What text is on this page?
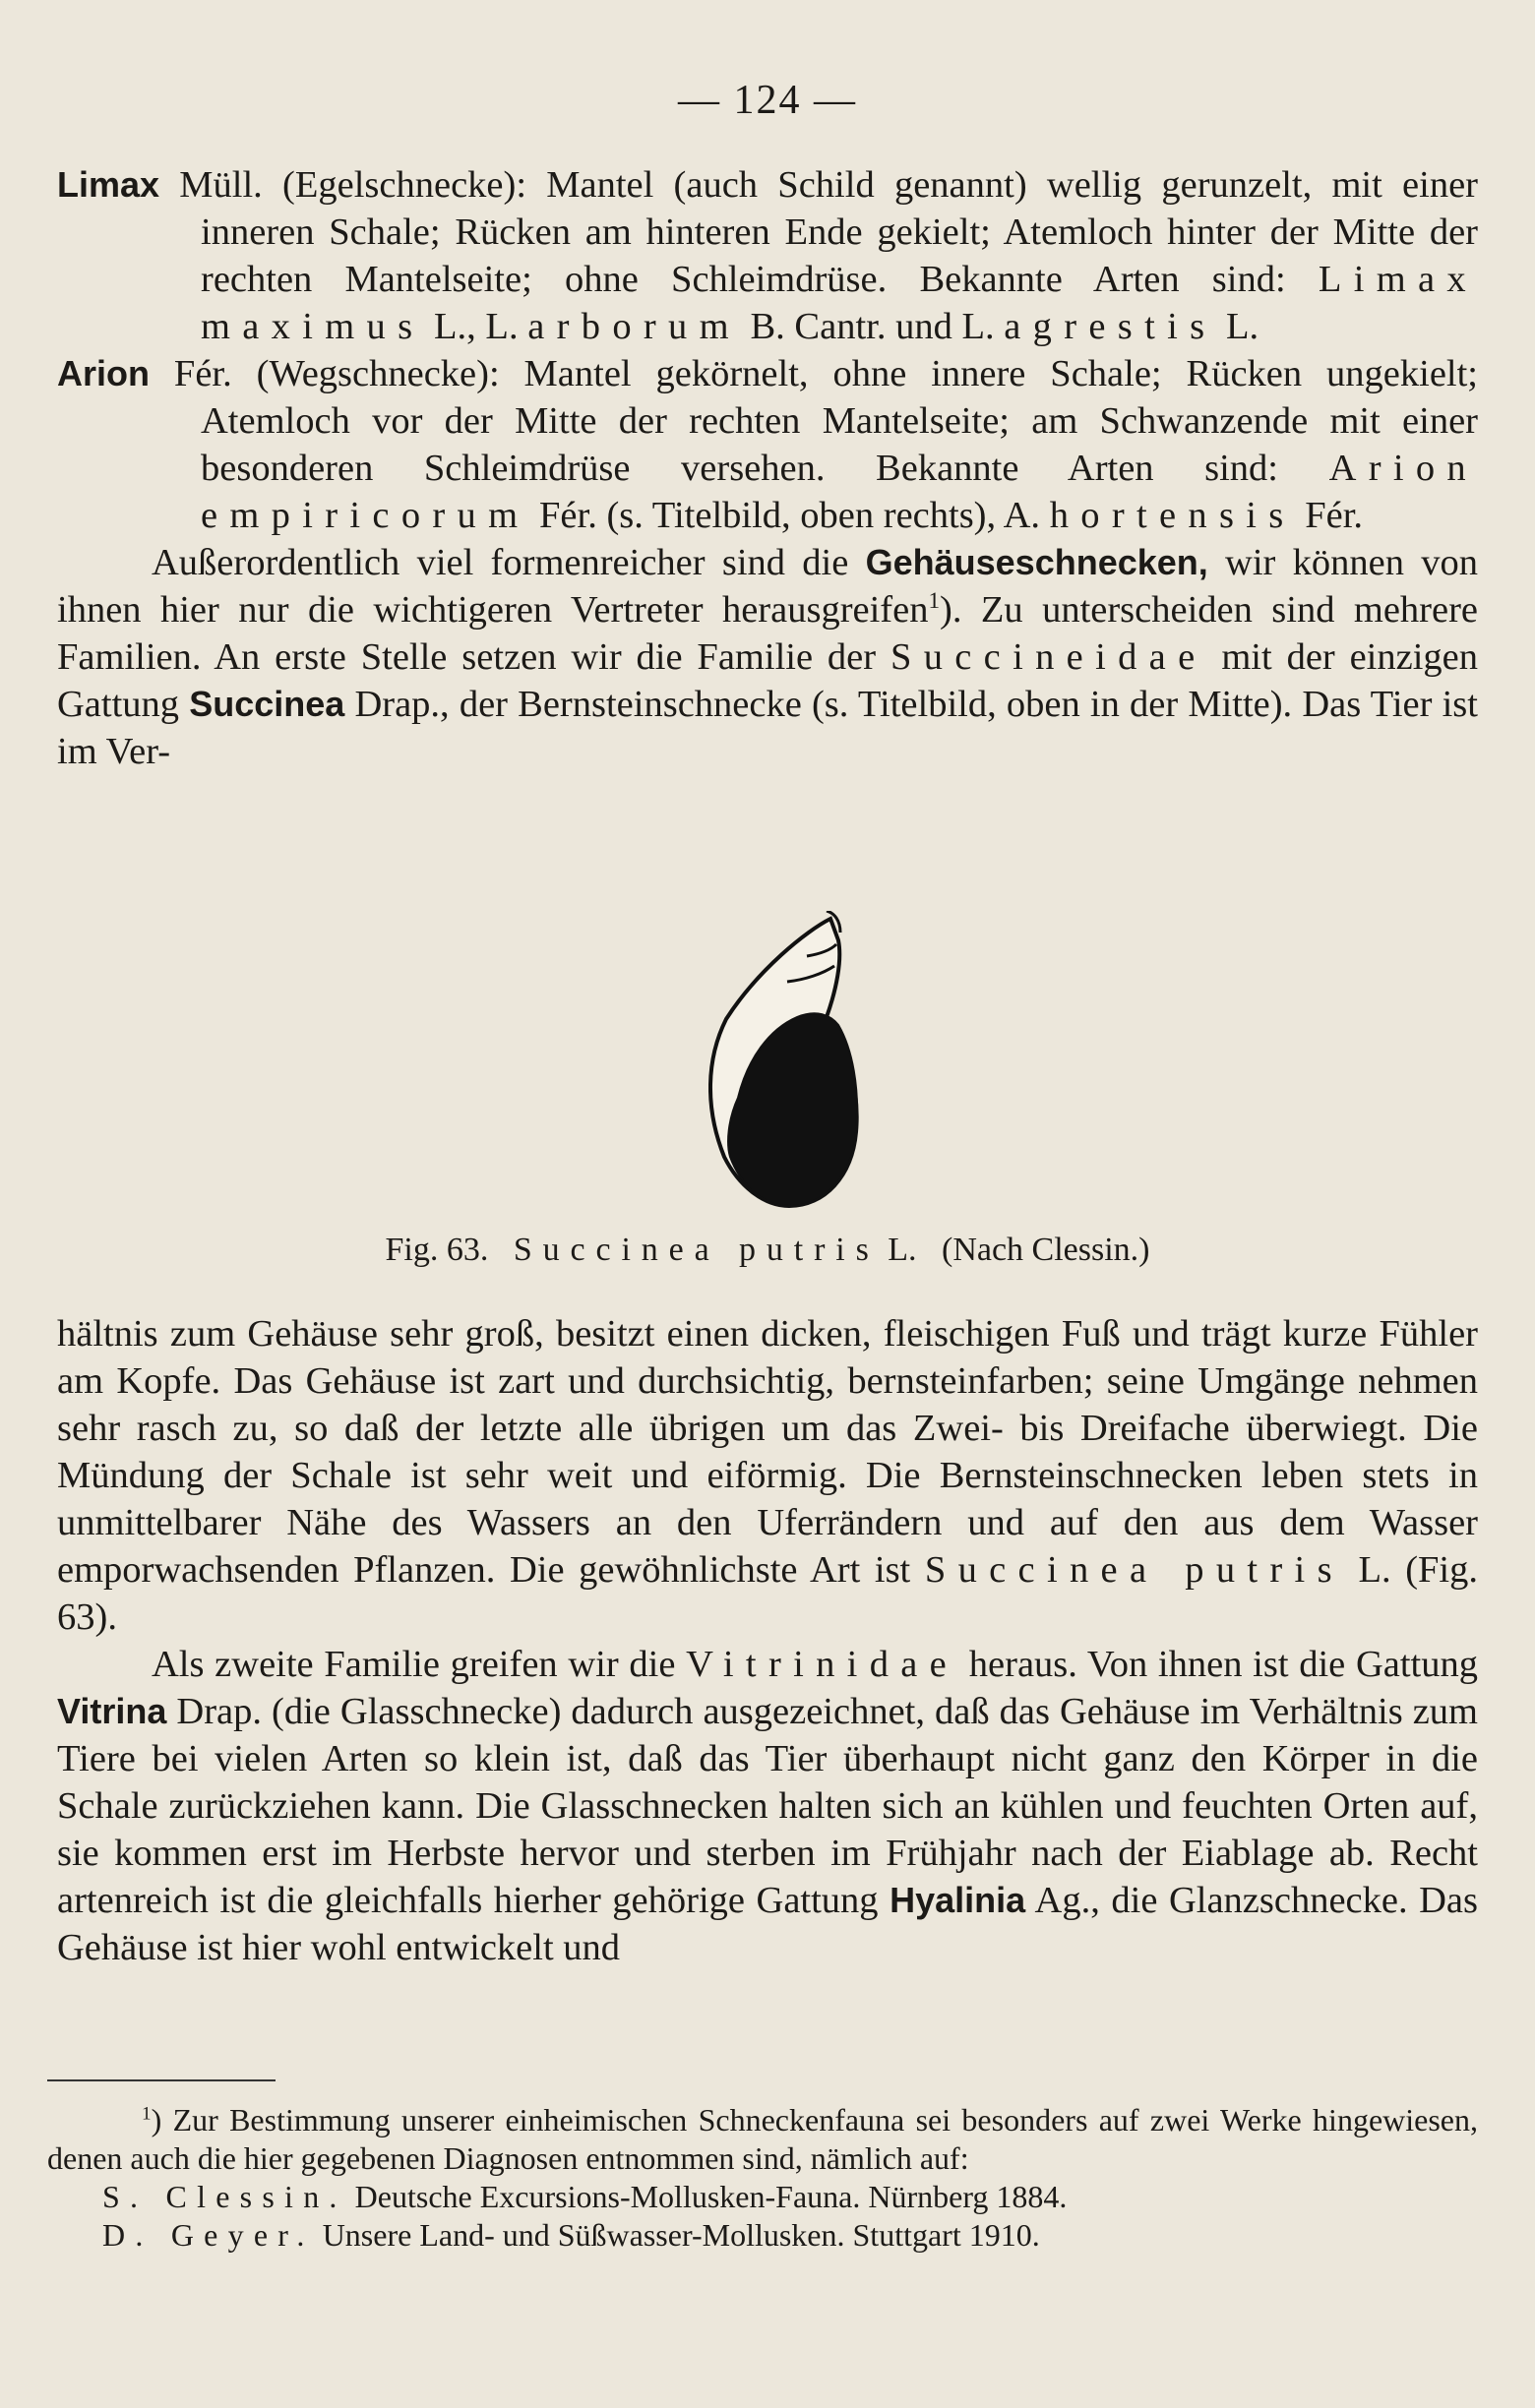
— 124 —

Limax Müll. (Egelschnecke): Mantel (auch Schild genannt) wellig gerunzelt, mit einer inneren Schale; Rücken am hinteren Ende gekielt; Atemloch hinter der Mitte der rechten Mantelseite; ohne Schleimdrüse. Bekannte Arten sind: Limax maximus L., L. arborum B. Cantr. und L. agrestis L.

Arion Fér. (Wegschnecke): Mantel gekörnelt, ohne innere Schale; Rücken ungekielt; Atemloch vor der Mitte der rechten Mantelseite; am Schwanzende mit einer besonderen Schleimdrüse versehen. Bekannte Arten sind: Arion empiricorum Fér. (s. Titelbild, oben rechts), A. hortensis Fér.

Außerordentlich viel formenreicher sind die Gehäuseschnecken, wir können von ihnen hier nur die wichtigeren Vertreter herausgreifen$^1$). Zu unterscheiden sind mehrere Familien. An erste Stelle setzen wir die Familie der Succineidae mit der einzigen Gattung Succinea Drap., der Bernsteinschnecke (s. Titelbild, oben in der Mitte). Das Tier ist im Ver-

Fig. 63. Succinea putris L. (Nach Clessin.)

hältnis zum Gehäuse sehr groß, besitzt einen dicken, fleischigen Fuß und trägt kurze Fühler am Kopfe. Das Gehäuse ist zart und durchsichtig, bernsteinfarben; seine Umgänge nehmen sehr rasch zu, so daß der letzte alle übrigen um das Zwei- bis Dreifache überwiegt. Die Mündung der Schale ist sehr weit und eiförmig. Die Bernsteinschnecken leben stets in unmittelbarer Nähe des Wassers an den Uferrändern und auf den aus dem Wasser emporwachsenden Pflanzen. Die gewöhnlichste Art ist Succinea putris L. (Fig. 63).

Als zweite Familie greifen wir die Vitrinidae heraus. Von ihnen ist die Gattung Vitrina Drap. (die Glasschnecke) dadurch ausgezeichnet, daß das Gehäuse im Verhältnis zum Tiere bei vielen Arten so klein ist, daß das Tier überhaupt nicht ganz den Körper in die Schale zurückziehen kann. Die Glasschnecken halten sich an kühlen und feuchten Orten auf, sie kommen erst im Herbste hervor und sterben im Frühjahr nach der Eiablage ab. Recht artenreich ist die gleichfalls hierher gehörige Gattung Hyalinia Ag., die Glanzschnecke. Das Gehäuse ist hier wohl entwickelt und

$^1$) Zur Bestimmung unserer einheimischen Schneckenfauna sei besonders auf zwei Werke hingewiesen, denen auch die hier gegebenen Diagnosen entnommen sind, nämlich auf:

S. Clessin. Deutsche Excursions-Mollusken-Fauna. Nürnberg 1884.

D. Geyer. Unsere Land- und Süßwasser-Mollusken. Stuttgart 1910.
